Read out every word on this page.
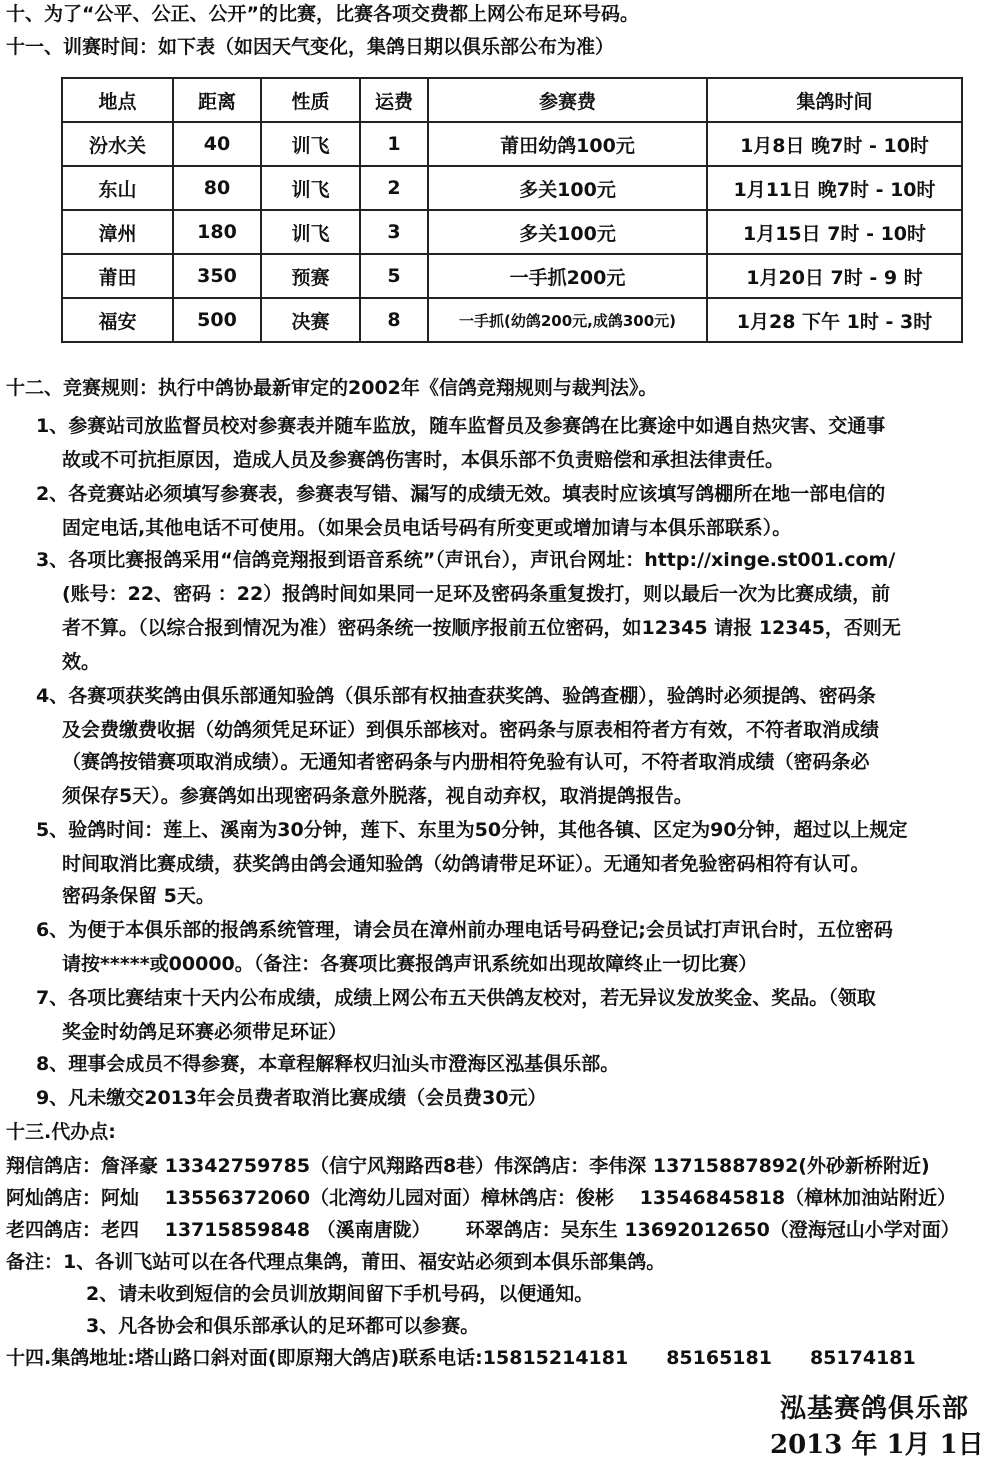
十、为了“公平、公正、公开”的比赛，比赛各项交费都上网公布足环号码。
十一、训赛时间：如下表（如因天气变化，集鸽日期以俱乐部公布为准）
地点	距离	性质	运费	参赛费	集鸽时间
汾水关	40	训飞	1	莆田幼鸽100元	1月8日 晚7时 - 10时
东山	80	训飞	2	多关100元	1月11日 晚7时 - 10时
漳州	180	训飞	3	多关100元	1月15日 7时 - 10时
莆田	350	预赛	5	一手抓200元	1月20日 7时 - 9 时
福安	500	决赛	8	一手抓(幼鸽200元,成鸽300元)	1月28 下午 1时 - 3时
十二、竞赛规则：执行中鸽协最新审定的2002年《信鸽竞翔规则与裁判法》。
1、参赛站司放监督员校对参赛表并随车监放，随车监督员及参赛鸽在比赛途中如遇自热灾害、交通事
故或不可抗拒原因，造成人员及参赛鸽伤害时，本俱乐部不负责赔偿和承担法律责任。
2、各竞赛站必须填写参赛表，参赛表写错、漏写的成绩无效。填表时应该填写鸽棚所在地一部电信的
固定电话,其他电话不可使用。（如果会员电话号码有所变更或增加请与本俱乐部联系）。
3、各项比赛报鸽采用“信鸽竞翔报到语音系统”（声讯台），声讯台网址：http://xinge.st001.com/
(账号：22、密码 ：22）报鸽时间如果同一足环及密码条重复拨打，则以最后一次为比赛成绩，前
者不算。（以综合报到情况为准）密码条统一按顺序报前五位密码，如12345 请报 12345，否则无
效。
4、各赛项获奖鸽由俱乐部通知验鸽（俱乐部有权抽查获奖鸽、验鸽查棚），验鸽时必须提鸽、密码条
及会费缴费收据（幼鸽须凭足环证）到俱乐部核对。密码条与原表相符者方有效，不符者取消成绩
（赛鸽按错赛项取消成绩）。无通知者密码条与内册相符免验有认可，不符者取消成绩（密码条必
须保存5天）。参赛鸽如出现密码条意外脱落，视自动弃权，取消提鸽报告。
5、验鸽时间：莲上、溪南为30分钟，莲下、东里为50分钟，其他各镇、区定为90分钟，超过以上规定
时间取消比赛成绩，获奖鸽由鸽会通知验鸽（幼鸽请带足环证）。无通知者免验密码相符有认可。
密码条保留 5天。
6、为便于本俱乐部的报鸽系统管理，请会员在漳州前办理电话号码登记;会员试打声讯台时，五位密码
请按*****或00000。（备注：各赛项比赛报鸽声讯系统如出现故障终止一切比赛）
7、各项比赛结束十天内公布成绩，成绩上网公布五天供鸽友校对，若无异议发放奖金、奖品。（领取
奖金时幼鸽足环赛必须带足环证）
8、理事会成员不得参赛，本章程解释权归汕头市澄海区泓基俱乐部。
9、凡未缴交2013年会员费者取消比赛成绩（会员费30元）
十三.代办点:
翔信鸽店：詹泽豪 13342759785（信宁风翔路西8巷）伟深鸽店：李伟深 13715887892(外砂新桥附近)
阿灿鸽店：阿灿　 13556372060（北湾幼儿园对面）樟林鸽店：俊彬　 13546845818（樟林加油站附近）
老四鸽店：老四　 13715859848 （溪南唐陇）　　 环翠鸽店：吴东生 13692012650（澄海冠山小学对面）
备注：1、各训飞站可以在各代理点集鸽，莆田、福安站必须到本俱乐部集鸽。
2、请未收到短信的会员训放期间留下手机号码，以便通知。
3、凡各协会和俱乐部承认的足环都可以参赛。
十四.集鸽地址:塔山路口斜对面(即原翔大鸽店)联系电话:15815214181　　85165181　　85174181
泓基赛鸽俱乐部
2013 年 1月 1日
